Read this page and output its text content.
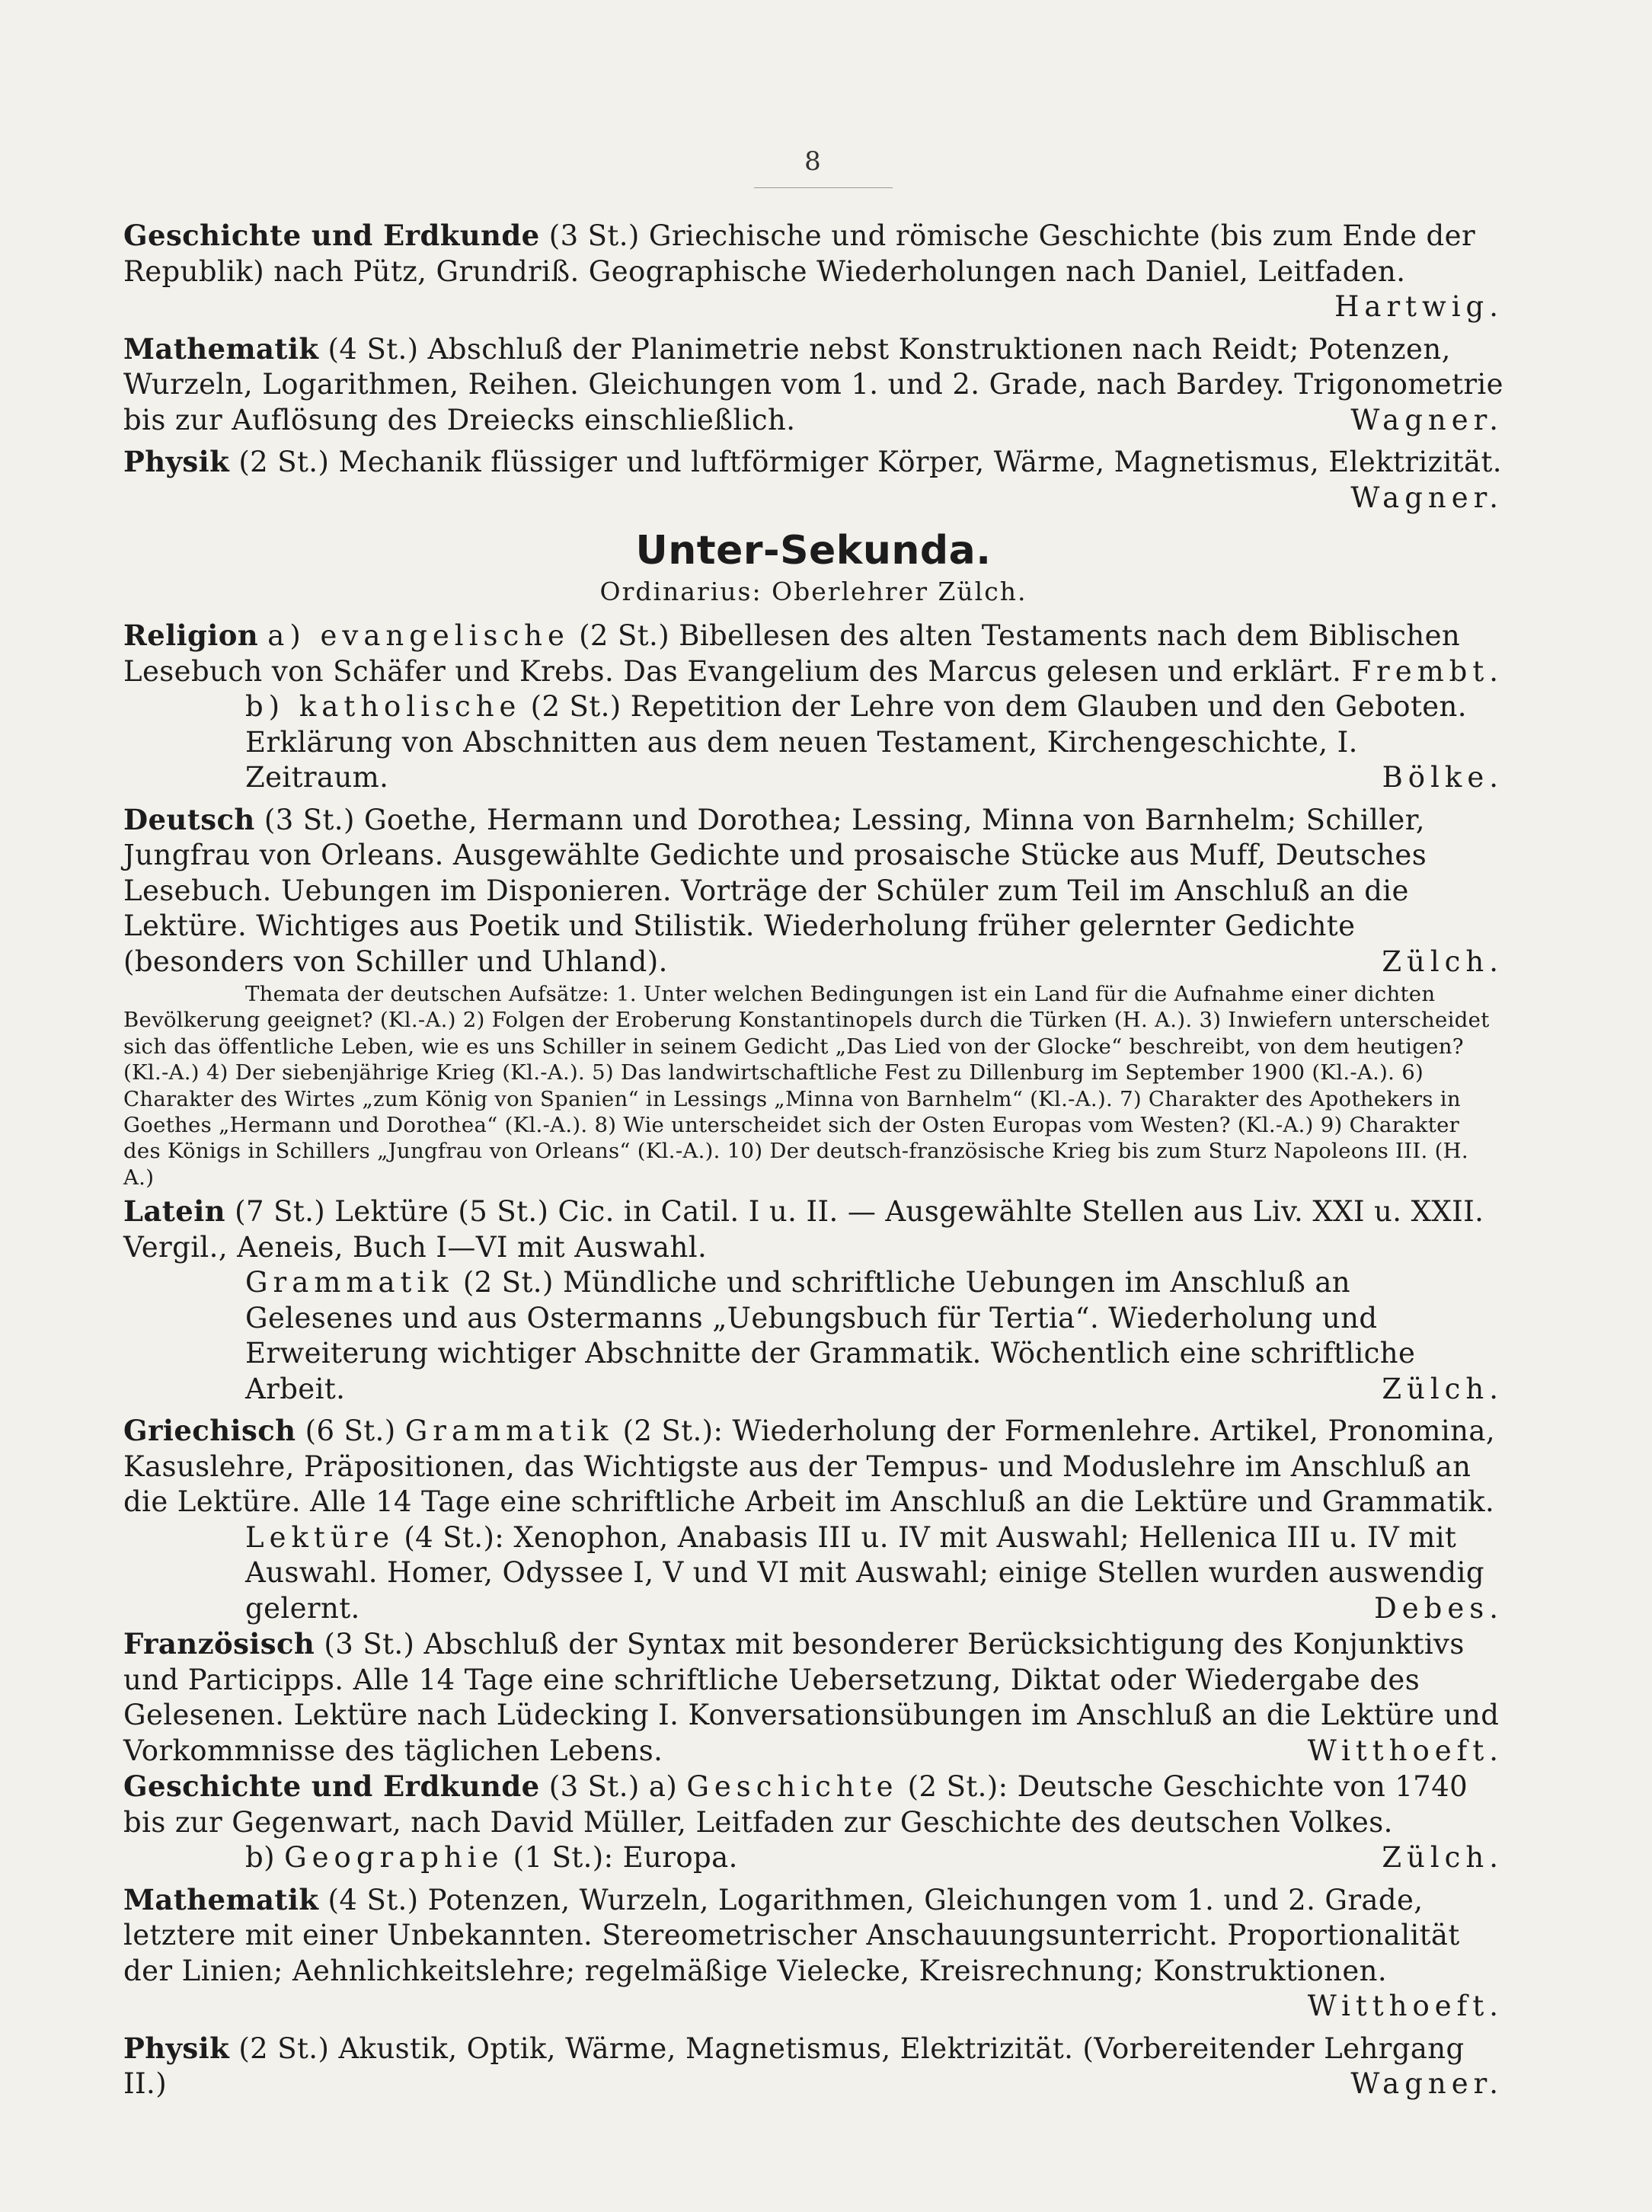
8

Geschichte und Erdkunde (3 St.) Griechische und römische Geschichte (bis zum Ende der Republik) nach Pütz, Grundriß. Geographische Wiederholungen nach Daniel, Leitfaden.
Hartwig.

Mathematik (4 St.) Abschluß der Planimetrie nebst Konstruktionen nach Reidt; Potenzen, Wurzeln, Logarithmen, Reihen. Gleichungen vom 1. und 2. Grade, nach Bardey. Trigonometrie bis zur Auflösung des Dreiecks einschließlich.	Wagner.

Physik (2 St.) Mechanik flüssiger und luftförmiger Körper, Wärme, Magnetismus, Elektrizität.
Wagner.

Unter-Sekunda.
Ordinarius: Oberlehrer Zülch.

Religion a) evangelische (2 St.) Bibellesen des alten Testaments nach dem Biblischen Lesebuch von Schäfer und Krebs. Das Evangelium des Marcus gelesen und erklärt. Frembt.

b) katholische (2 St.) Repetition der Lehre von dem Glauben und den Geboten. Erklärung von Abschnitten aus dem neuen Testament, Kirchengeschichte, I. Zeitraum.	Bölke.

Deutsch (3 St.) Goethe, Hermann und Dorothea; Lessing, Minna von Barnhelm; Schiller, Jungfrau von Orleans. Ausgewählte Gedichte und prosaische Stücke aus Muff, Deutsches Lesebuch. Uebungen im Disponieren. Vorträge der Schüler zum Teil im Anschluß an die Lektüre. Wichtiges aus Poetik und Stilistik. Wiederholung früher gelernter Gedichte (besonders von Schiller und Uhland).	Zülch.

Themata der deutschen Aufsätze: 1. Unter welchen Bedingungen ist ein Land für die Aufnahme einer dichten Bevölkerung geeignet? (Kl.-A.) 2) Folgen der Eroberung Konstantinopels durch die Türken (H. A.). 3) Inwiefern unterscheidet sich das öffentliche Leben, wie es uns Schiller in seinem Gedicht „Das Lied von der Glocke“ beschreibt, von dem heutigen? (Kl.-A.) 4) Der siebenjährige Krieg (Kl.-A.). 5) Das landwirtschaftliche Fest zu Dillenburg im September 1900 (Kl.-A.). 6) Charakter des Wirtes „zum König von Spanien“ in Lessings „Minna von Barnhelm“ (Kl.-A.). 7) Charakter des Apothekers in Goethes „Hermann und Dorothea“ (Kl.-A.). 8) Wie unterscheidet sich der Osten Europas vom Westen? (Kl.-A.) 9) Charakter des Königs in Schillers „Jungfrau von Orleans“ (Kl.-A.). 10) Der deutsch-französische Krieg bis zum Sturz Napoleons III. (H. A.)

Latein (7 St.) Lektüre (5 St.) Cic. in Catil. I u. II. — Ausgewählte Stellen aus Liv. XXI u. XXII. Vergil., Aeneis, Buch I—VI mit Auswahl.

Grammatik (2 St.) Mündliche und schriftliche Uebungen im Anschluß an Gelesenes und aus Ostermanns „Uebungsbuch für Tertia“. Wiederholung und Erweiterung wichtiger Abschnitte der Grammatik. Wöchentlich eine schriftliche Arbeit.	Zülch.

Griechisch (6 St.) Grammatik (2 St.): Wiederholung der Formenlehre. Artikel, Pronomina, Kasuslehre, Präpositionen, das Wichtigste aus der Tempus- und Moduslehre im Anschluß an die Lektüre. Alle 14 Tage eine schriftliche Arbeit im Anschluß an die Lektüre und Grammatik.

Lektüre (4 St.): Xenophon, Anabasis III u. IV mit Auswahl; Hellenica III u. IV mit Auswahl. Homer, Odyssee I, V und VI mit Auswahl; einige Stellen wurden auswendig gelernt.	Debes.

Französisch (3 St.) Abschluß der Syntax mit besonderer Berücksichtigung des Konjunktivs und Participps. Alle 14 Tage eine schriftliche Uebersetzung, Diktat oder Wiedergabe des Gelesenen. Lektüre nach Lüdecking I. Konversationsübungen im Anschluß an die Lektüre und Vorkommnisse des täglichen Lebens.	Witthoeft.

Geschichte und Erdkunde (3 St.) a) Geschichte (2 St.): Deutsche Geschichte von 1740 bis zur Gegenwart, nach David Müller, Leitfaden zur Geschichte des deutschen Volkes.

b) Geographie (1 St.): Europa.	Zülch.

Mathematik (4 St.) Potenzen, Wurzeln, Logarithmen, Gleichungen vom 1. und 2. Grade, letztere mit einer Unbekannten. Stereometrischer Anschauungsunterricht. Proportionalität der Linien; Aehnlichkeitslehre; regelmäßige Vielecke, Kreisrechnung; Konstruktionen.
Witthoeft.

Physik (2 St.) Akustik, Optik, Wärme, Magnetismus, Elektrizität. (Vorbereitender Lehrgang II.)	Wagner.
